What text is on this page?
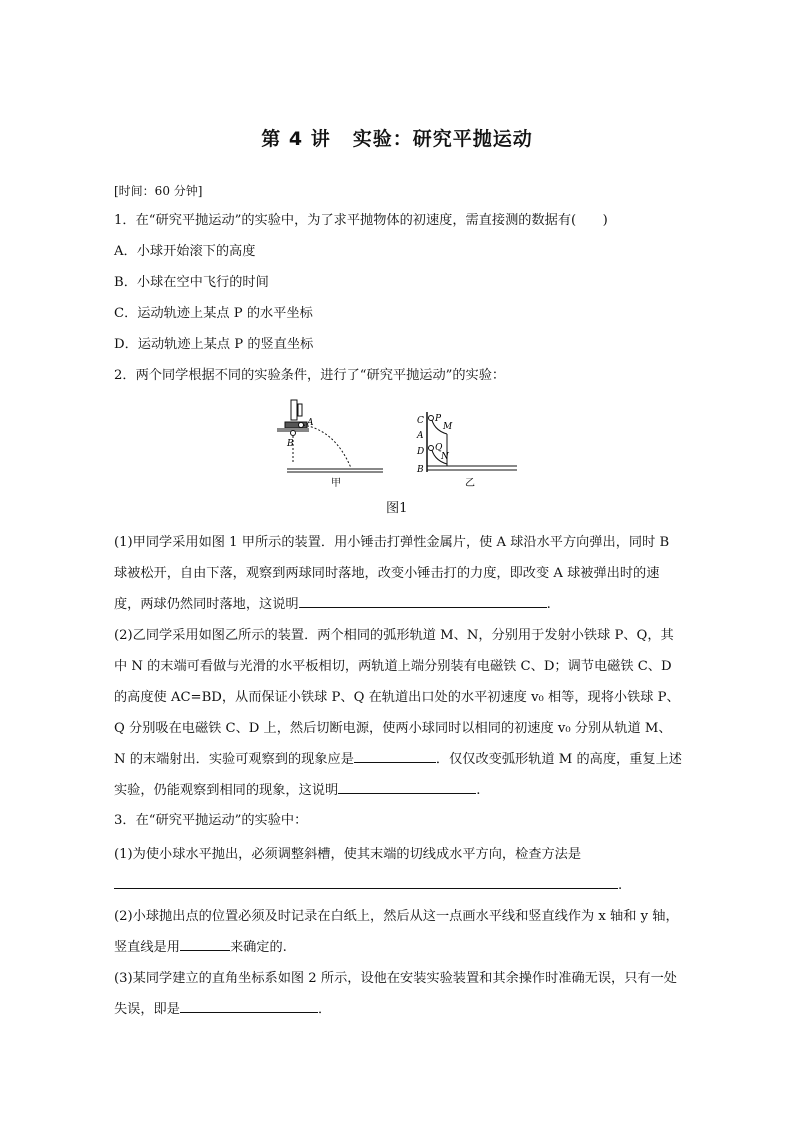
第 4 讲 实验：研究平抛运动
[时间：60 分钟]
1．在“研究平抛运动”的实验中，为了求平抛物体的初速度，需直接测的数据有(　　)
A．小球开始滚下的高度
B．小球在空中飞行的时间
C．运动轨迹上某点 P 的水平坐标
D．运动轨迹上某点 P 的竖直坐标
2．两个同学根据不同的实验条件，进行了“研究平抛运动”的实验：
A
B
甲
C P
M
A
Q
D N
B
乙
图1
(1)甲同学采用如图 1 甲所示的装置．用小锤击打弹性金属片，使 A 球沿水平方向弹出，同时 B 球被松开，自由下落，观察到两球同时落地，改变小锤击打的力度，即改变 A 球被弹出时的速度，两球仍然同时落地，这说明	.
(2)乙同学采用如图乙所示的装置．两个相同的弧形轨道 M、N，分别用于发射小铁球 P、Q，其中 N 的末端可看做与光滑的水平板相切，两轨道上端分别装有电磁铁 C、D；调节电磁铁 C、D 的高度使 AC=BD，从而保证小铁球 P、Q 在轨道出口处的水平初速度 v₀ 相等，现将小铁球 P、Q 分别吸在电磁铁 C、D 上，然后切断电源，使两小球同时以相同的初速度 v₀ 分别从轨道 M、N 的末端射出．实验可观察到的现象应是	．仅仅改变弧形轨道 M 的高度，重复上述实验，仍能观察到相同的现象，这说明	.
3．在“研究平抛运动”的实验中：
(1)为使小球水平抛出，必须调整斜槽，使其末端的切线成水平方向，检查方法是
.
(2)小球抛出点的位置必须及时记录在白纸上，然后从这一点画水平线和竖直线作为 x 轴和 y 轴，竖直线是用	来确定的.
(3)某同学建立的直角坐标系如图 2 所示，设他在安装实验装置和其余操作时准确无误，只有一处失误，即是	．
